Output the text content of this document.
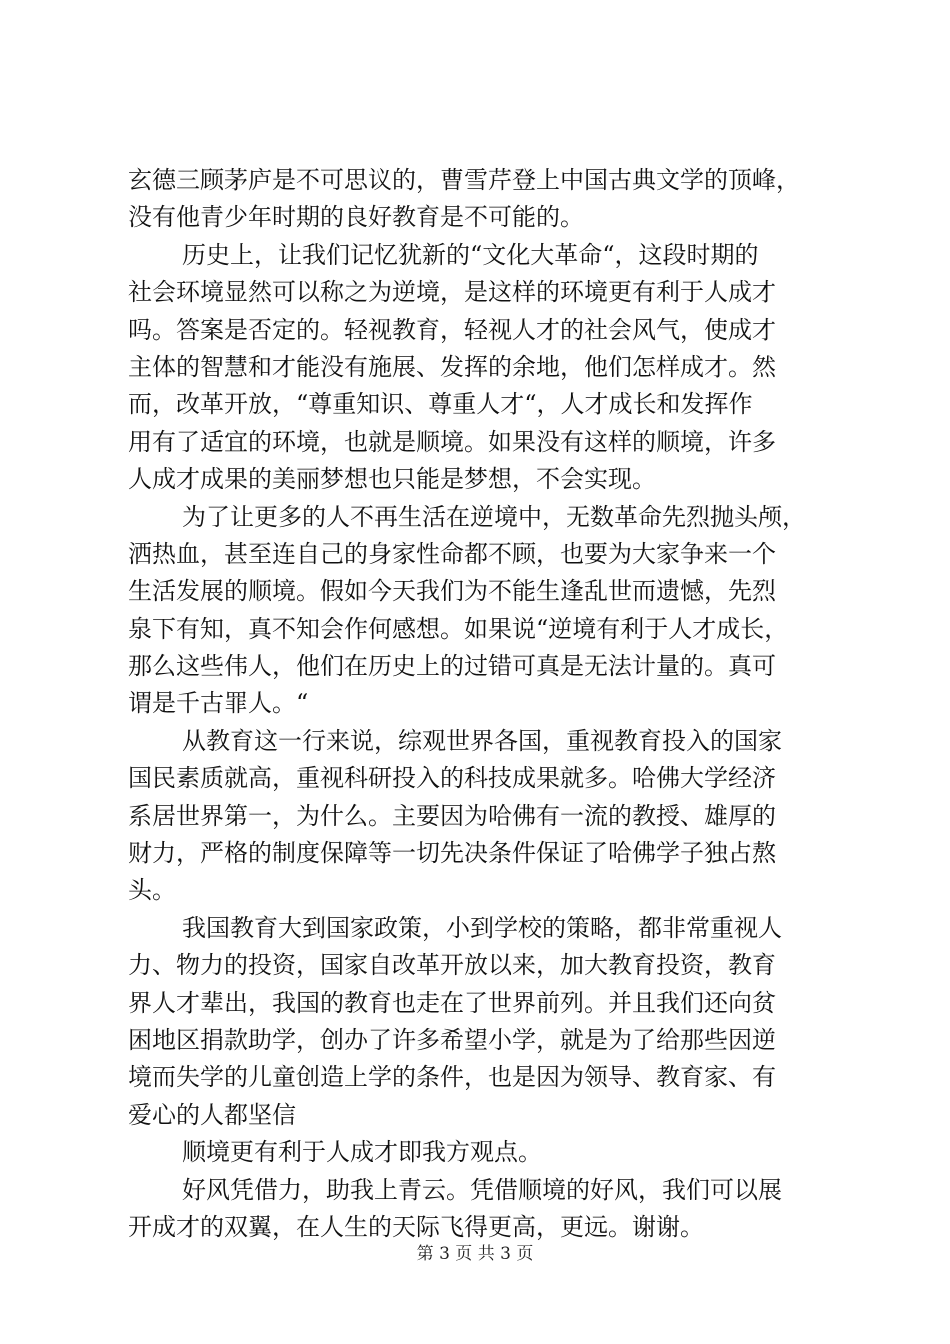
玄德三顾茅庐是不可思议的，曹雪芹登上中国古典文学的顶峰，
没有他青少年时期的良好教育是不可能的。
历史上，让我们记忆犹新的“文化大革命“，这段时期的
社会环境显然可以称之为逆境，是这样的环境更有利于人成才
吗。答案是否定的。轻视教育，轻视人才的社会风气，使成才
主体的智慧和才能没有施展、发挥的余地，他们怎样成才。然
而，改革开放，“尊重知识、尊重人才“，人才成长和发挥作
用有了适宜的环境，也就是顺境。如果没有这样的顺境，许多
人成才成果的美丽梦想也只能是梦想，不会实现。
为了让更多的人不再生活在逆境中，无数革命先烈抛头颅，
洒热血，甚至连自己的身家性命都不顾，也要为大家争来一个
生活发展的顺境。假如今天我们为不能生逢乱世而遗憾，先烈
泉下有知，真不知会作何感想。如果说“逆境有利于人才成长，
那么这些伟人，他们在历史上的过错可真是无法计量的。真可
谓是千古罪人。“
从教育这一行来说，综观世界各国，重视教育投入的国家
国民素质就高，重视科研投入的科技成果就多。哈佛大学经济
系居世界第一，为什么。主要因为哈佛有一流的教授、雄厚的
财力，严格的制度保障等一切先决条件保证了哈佛学子独占熬
头。
我国教育大到国家政策，小到学校的策略，都非常重视人
力、物力的投资，国家自改革开放以来，加大教育投资，教育
界人才辈出，我国的教育也走在了世界前列。并且我们还向贫
困地区捐款助学，创办了许多希望小学，就是为了给那些因逆
境而失学的儿童创造上学的条件，也是因为领导、教育家、有
爱心的人都坚信
顺境更有利于人成才即我方观点。
好风凭借力，助我上青云。凭借顺境的好风，我们可以展
开成才的双翼，在人生的天际飞得更高，更远。谢谢。
第 3 页 共 3 页
